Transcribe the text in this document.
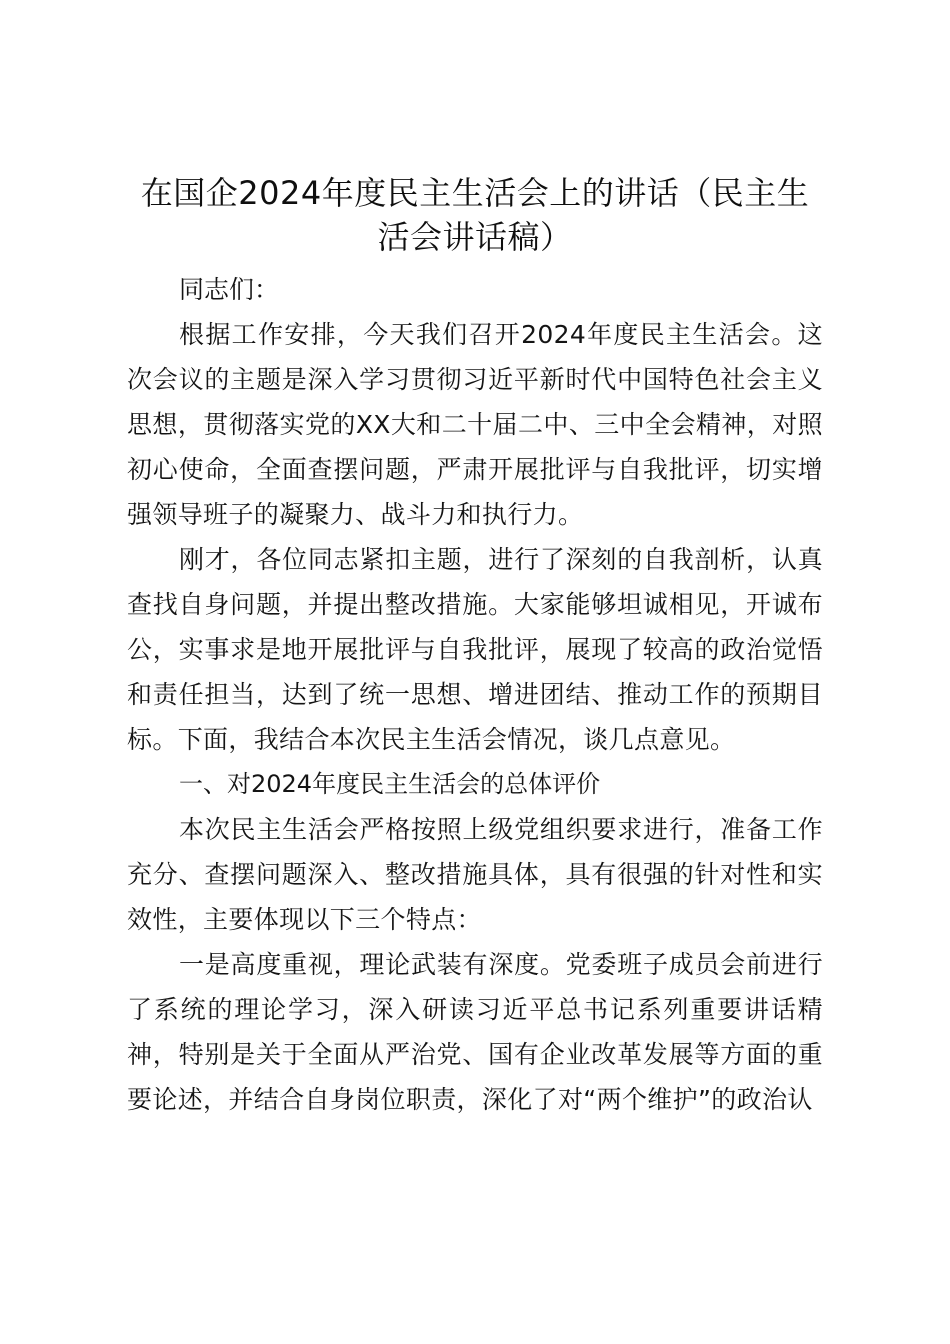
在国企2024年度民主生活会上的讲话（民主生活会讲话稿）

同志们：

根据工作安排，今天我们召开2024年度民主生活会。这次会议的主题是深入学习贯彻习近平新时代中国特色社会主义思想，贯彻落实党的XX大和二十届二中、三中全会精神，对照初心使命，全面查摆问题，严肃开展批评与自我批评，切实增强领导班子的凝聚力、战斗力和执行力。

刚才，各位同志紧扣主题，进行了深刻的自我剖析，认真查找自身问题，并提出整改措施。大家能够坦诚相见，开诚布公，实事求是地开展批评与自我批评，展现了较高的政治觉悟和责任担当，达到了统一思想、增进团结、推动工作的预期目标。下面，我结合本次民主生活会情况，谈几点意见。

一、对2024年度民主生活会的总体评价

本次民主生活会严格按照上级党组织要求进行，准备工作充分、查摆问题深入、整改措施具体，具有很强的针对性和实效性，主要体现以下三个特点：

一是高度重视，理论武装有深度。党委班子成员会前进行了系统的理论学习，深入研读习近平总书记系列重要讲话精神，特别是关于全面从严治党、国有企业改革发展等方面的重要论述，并结合自身岗位职责，深化了对“两个维护”的政治认
